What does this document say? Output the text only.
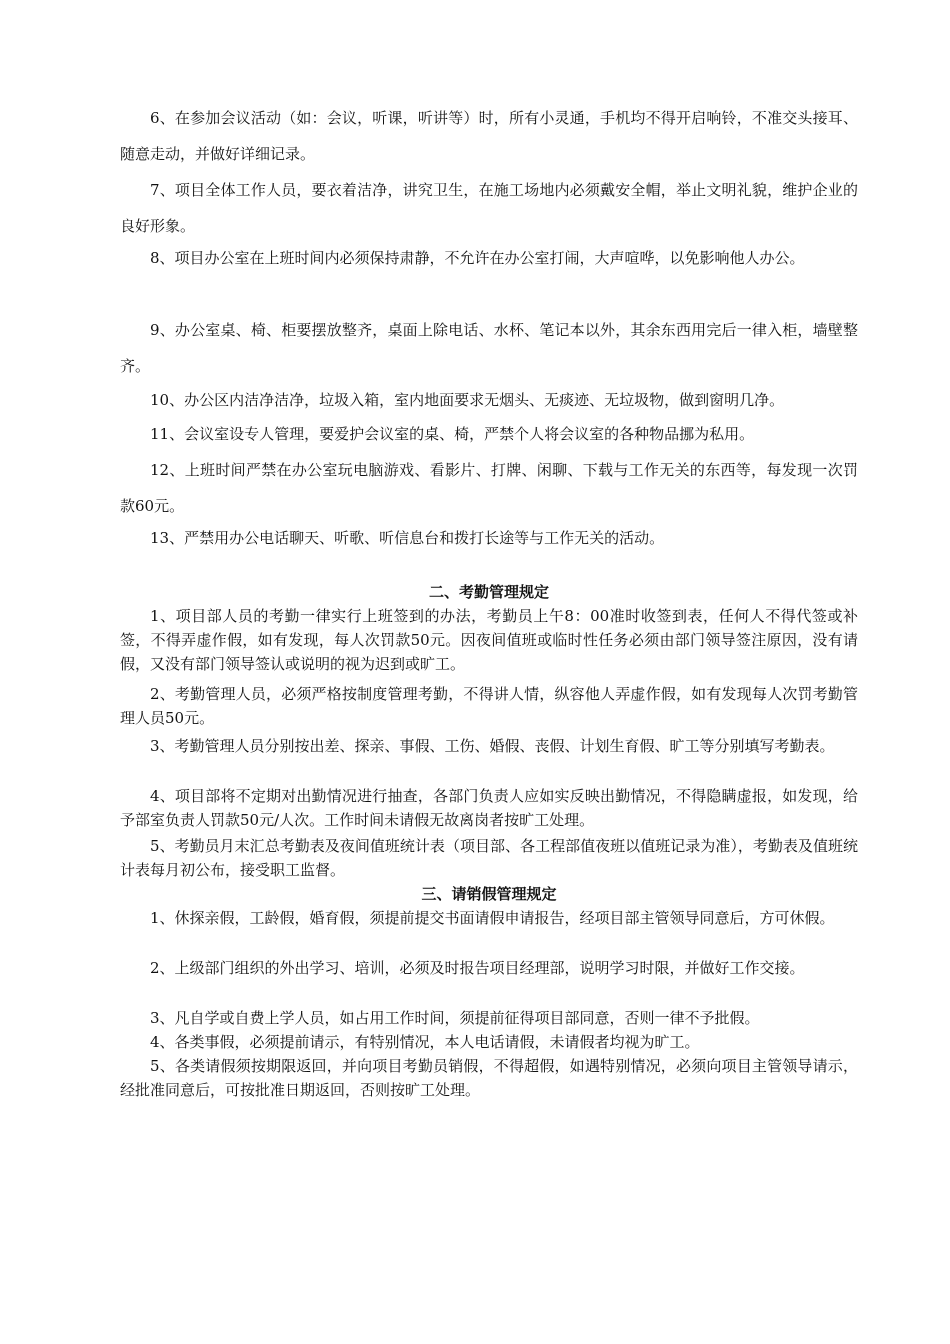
6、在参加会议活动（如：会议，听课，听讲等）时，所有小灵通，手机均不得开启响铃，不准交头接耳、随意走动，并做好详细记录。

7、项目全体工作人员，要衣着洁净，讲究卫生，在施工场地内必须戴安全帽，举止文明礼貌，维护企业的良好形象。

8、项目办公室在上班时间内必须保持肃静，不允许在办公室打闹，大声喧哗，以免影响他人办公。

9、办公室桌、椅、柜要摆放整齐，桌面上除电话、水杯、笔记本以外，其余东西用完后一律入柜，墙壁整齐。

10、办公区内洁净洁净，垃圾入箱，室内地面要求无烟头、无痰迹、无垃圾物，做到窗明几净。

11、会议室设专人管理，要爱护会议室的桌、椅，严禁个人将会议室的各种物品挪为私用。

12、上班时间严禁在办公室玩电脑游戏、看影片、打牌、闲聊、下载与工作无关的东西等，每发现一次罚款60元。

13、严禁用办公电话聊天、听歌、听信息台和拨打长途等与工作无关的活动。

二、考勤管理规定

1、项目部人员的考勤一律实行上班签到的办法，考勤员上午8：00准时收签到表，任何人不得代签或补签，不得弄虚作假，如有发现，每人次罚款50元。因夜间值班或临时性任务必须由部门领导签注原因，没有请假，又没有部门领导签认或说明的视为迟到或旷工。

2、考勤管理人员，必须严格按制度管理考勤，不得讲人情，纵容他人弄虚作假，如有发现每人次罚考勤管理人员50元。

3、考勤管理人员分别按出差、探亲、事假、工伤、婚假、丧假、计划生育假、旷工等分别填写考勤表。

4、项目部将不定期对出勤情况进行抽查，各部门负责人应如实反映出勤情况，不得隐瞒虚报，如发现，给予部室负责人罚款50元/人次。工作时间未请假无故离岗者按旷工处理。

5、考勤员月末汇总考勤表及夜间值班统计表（项目部、各工程部值夜班以值班记录为准），考勤表及值班统计表每月初公布，接受职工监督。

三、请销假管理规定

1、休探亲假，工龄假，婚育假，须提前提交书面请假申请报告，经项目部主管领导同意后，方可休假。

2、上级部门组织的外出学习、培训，必须及时报告项目经理部，说明学习时限，并做好工作交接。

3、凡自学或自费上学人员，如占用工作时间，须提前征得项目部同意，否则一律不予批假。

4、各类事假，必须提前请示，有特别情况，本人电话请假，未请假者均视为旷工。

5、各类请假须按期限返回，并向项目考勤员销假，不得超假，如遇特别情况，必须向项目主管领导请示，经批准同意后，可按批准日期返回，否则按旷工处理。
